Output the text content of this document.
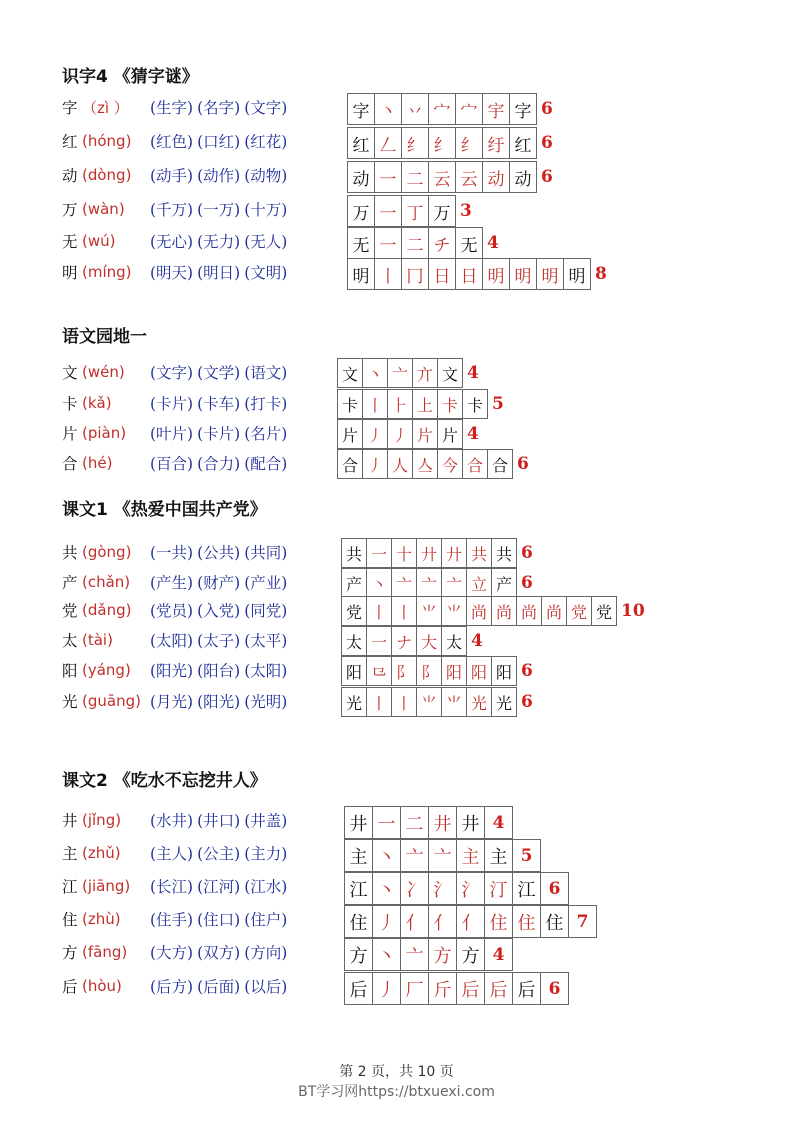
第 2 页，共 10 页
BT学习网https://btxuexi.com
识字4 《猜字谜》
字 （zì ）	(生字) (名字) (文字)	字 丶 丷 宀 宀 宇 字 6
红 (hóng)	(红色) (口红) (红花)	红 𠃋 纟 纟 纟 纡 红 6
动 (dòng)	(动手) (动作) (动物)	动 一 二 云 云 动 动 6
万 (wàn)	(千万) (一万) (十万)	万 一 丁 万 3
无 (wú)	(无心) (无力) (无人)	无 一 二 チ 无 4
明 (míng)	(明天) (明日) (文明)	明 丨 冂 日 日 明 明 明 明 8
语文园地一
文 (wén)	(文字) (文学) (语文)	文 丶 亠 亣 文 4
卡 (kǎ)	(卡片) (卡车) (打卡)	卡 丨 ⺊ 上 卡 卡 5
片 (piàn)	(叶片) (卡片) (名片)	片 丿 丿 片 片 4
合 (hé)	(百合) (合力) (配合)	合 丿 人 亼 今 合 合 6
课文1 《热爱中国共产党》
共 (gòng)	(一共) (公共) (共同)	共 一 十 廾 廾 共 共 6
产 (chǎn)	(产生) (财产) (产业)	产 丶 亠 亠 亠 立 产 6
党 (dǎng)	(党员) (入党) (同党)	党 丨 丨 ⺌ ⺌ 尚 尚 尚 尚 党 党 10
太 (tài)	(太阳) (太子) (太平)	太 一 ナ 大 太 4
阳 (yáng)	(阳光) (阳台) (太阳)	阳 ⺋ 阝 阝 阳 阳 阳 6
光 (guāng) (月光) (阳光) (光明)	光 丨 丨 ⺌ ⺌ 光 光 6
课文2 《吃水不忘挖井人》
井 (jǐng)	(水井) (井口) (井盖)	井 一 二 井 井 4
主 (zhǔ)	(主人) (公主) (主力)	主 丶 亠 亠 主 主 5
江 (jiāng)	(长江) (江河) (江水)	江 丶 冫 氵 氵 汀 江 6
住 (zhù)	(住手) (住口) (住户)	住 丿 亻 亻 亻 住 住 住 7
方 (fāng)	(大方) (双方) (方向)	方 丶 亠 方 方 4
后 (hòu)	(后方) (后面) (以后)	后 丿 厂 斤 后 后 后 6
